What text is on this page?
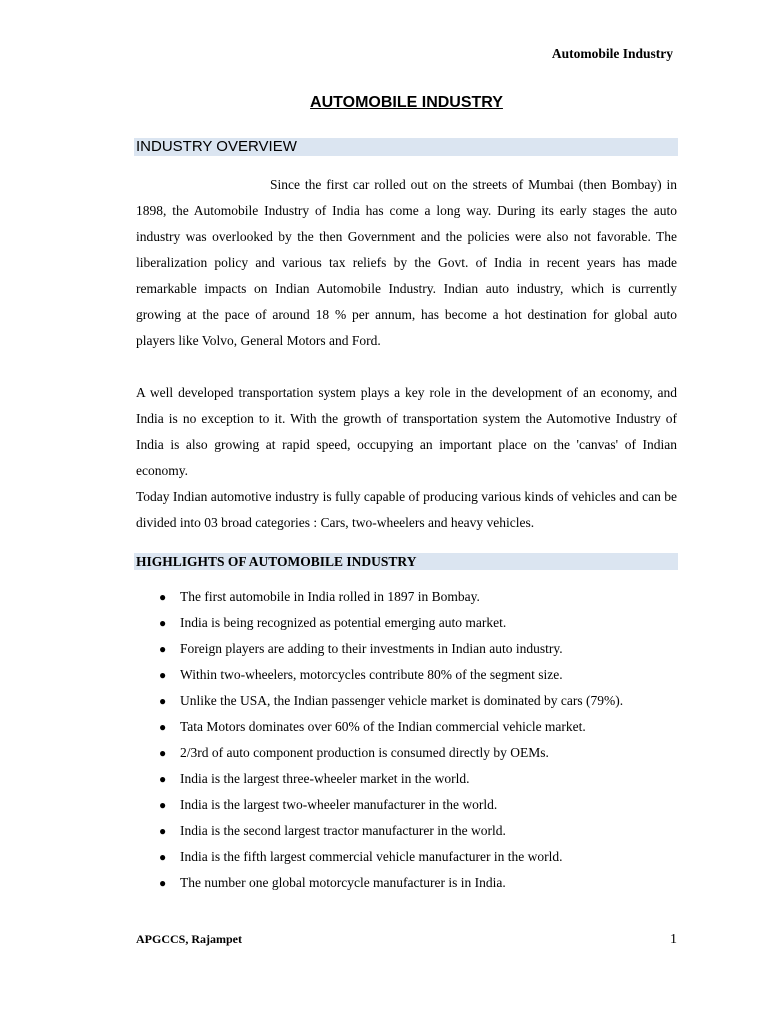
Automobile Industry
AUTOMOBILE INDUSTRY
INDUSTRY OVERVIEW

Since the first car rolled out on the streets of Mumbai (then Bombay) in 1898, the Automobile Industry of India has come a long way. During its early stages the auto industry was overlooked by the then Government and the policies were also not favorable. The liberalization policy and various tax reliefs by the Govt. of India in recent years has made remarkable impacts on Indian Automobile Industry. Indian auto industry, which is currently growing at the pace of around 18 % per annum, has become a hot destination for global auto players like Volvo, General Motors and Ford.

A well developed transportation system plays a key role in the development of an economy, and India is no exception to it. With the growth of transportation system the Automotive Industry of India is also growing at rapid speed, occupying an important place on the 'canvas' of Indian economy.

Today Indian automotive industry is fully capable of producing various kinds of vehicles and can be divided into 03 broad categories : Cars, two-wheelers and heavy vehicles.

HIGHLIGHTS OF AUTOMOBILE INDUSTRY
● The first automobile in India rolled in 1897 in Bombay.
● India is being recognized as potential emerging auto market.
● Foreign players are adding to their investments in Indian auto industry.
● Within two-wheelers, motorcycles contribute 80% of the segment size.
● Unlike the USA, the Indian passenger vehicle market is dominated by cars (79%).
● Tata Motors dominates over 60% of the Indian commercial vehicle market.
● 2/3rd of auto component production is consumed directly by OEMs.
● India is the largest three-wheeler market in the world.
● India is the largest two-wheeler manufacturer in the world.
● India is the second largest tractor manufacturer in the world.
● India is the fifth largest commercial vehicle manufacturer in the world.
● The number one global motorcycle manufacturer is in India.
APGCCS, Rajampet	1
